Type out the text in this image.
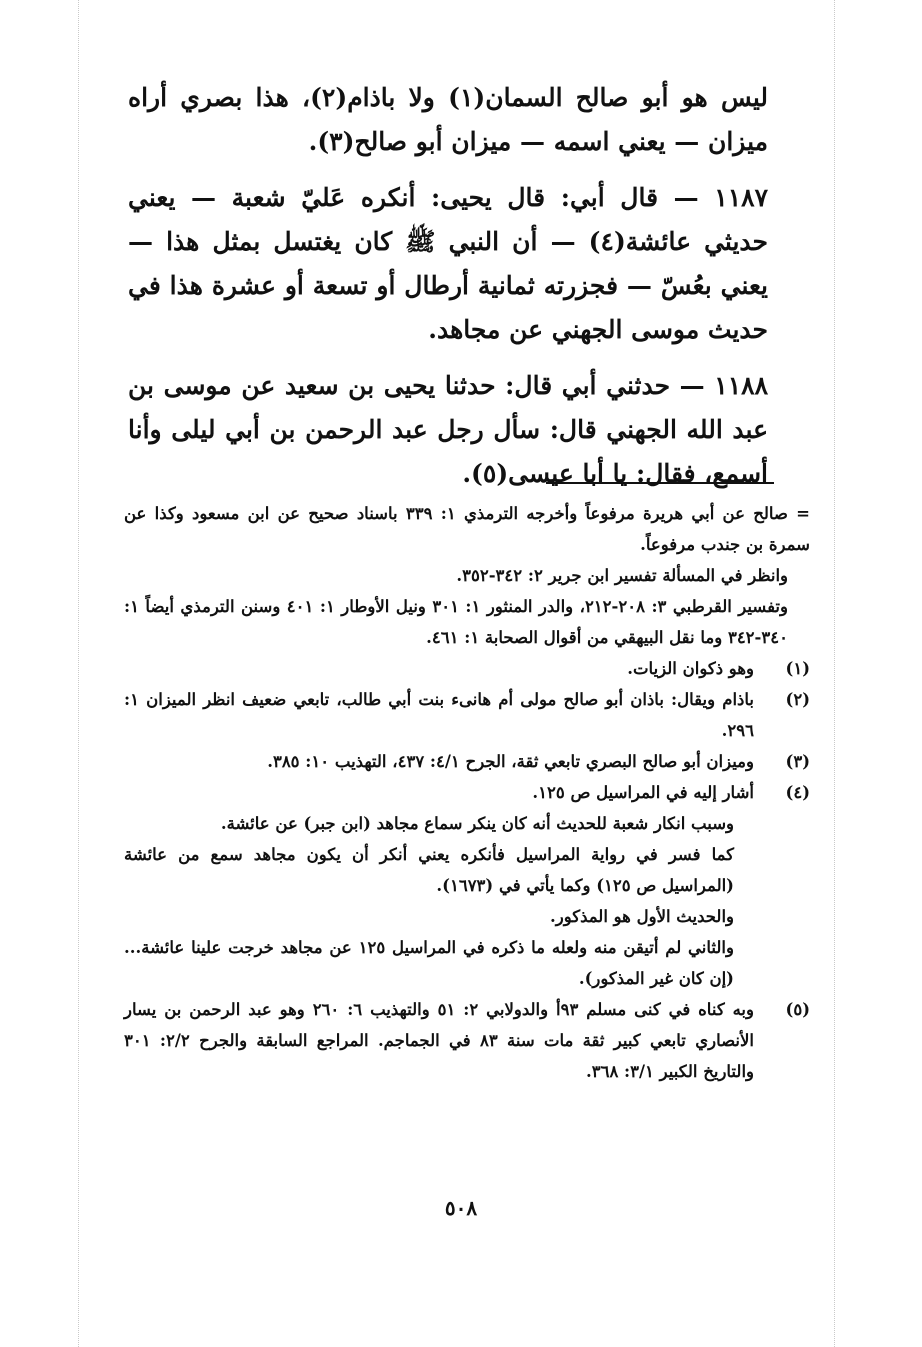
ليس هو أبو صالح السمان(١) ولا باذام(٢)، هذا بصري أراه ميزان — يعني اسمه — ميزان أبو صالح(٣).

١١٨٧ — قال أبي: قال يحيى: أنكره عَليّ شعبة — يعني حديثي عائشة(٤) — أن النبي ﷺ كان يغتسل بمثل هذا — يعني بعُسّ — فجزرته ثمانية أرطال أو تسعة أو عشرة هذا في حديث موسى الجهني عن مجاهد.

١١٨٨ — حدثني أبي قال: حدثنا يحيى بن سعيد عن موسى بن عبد الله الجهني قال: سأل رجل عبد الرحمن بن أبي ليلى وأنا أسمع، فقال: يا أبا عيسى(٥).

= صالح عن أبي هريرة مرفوعاً وأخرجه الترمذي ١: ٣٣٩ باسناد صحيح عن ابن مسعود وكذا عن سمرة بن جندب مرفوعاً.

وانظر في المسألة تفسير ابن جرير ٢: ٣٤٢-٣٥٢.

وتفسير القرطبي ٣: ٢٠٨-٢١٢، والدر المنثور ١: ٣٠١ ونيل الأوطار ١: ٤٠١ وسنن الترمذي أيضاً ١: ٣٤٠-٣٤٢ وما نقل البيهقي من أقوال الصحابة ١: ٤٦١.

(١)
وهو ذكوان الزيات.
(٢)
باذام ويقال: باذان أبو صالح مولى أم هانىء بنت أبي طالب، تابعي ضعيف انظر الميزان ١: ٢٩٦.
(٣)
وميزان أبو صالح البصري تابعي ثقة، الجرح ٤/١: ٤٣٧، التهذيب ١٠: ٣٨٥.
(٤)
أشار إليه في المراسيل ص ١٢٥.

وسبب انكار شعبة للحديث أنه كان ينكر سماع مجاهد (ابن جبر) عن عائشة.

كما فسر في رواية المراسيل فأنكره يعني أنكر أن يكون مجاهد سمع من عائشة (المراسيل ص ١٢٥) وكما يأتي في (١٦٧٣).

والحديث الأول هو المذكور.

والثاني لم أتيقن منه ولعله ما ذكره في المراسيل ١٢٥ عن مجاهد خرجت علينا عائشة... (إن كان غير المذكور).

(٥)
وبه كناه في كنى مسلم ٩٣أ والدولابي ٢: ٥١ والتهذيب ٦: ٢٦٠ وهو عبد الرحمن بن يسار الأنصاري تابعي كبير ثقة مات سنة ٨٣ في الجماجم. المراجع السابقة والجرح ٢/٢: ٣٠١ والتاريخ الكبير ٣/١: ٣٦٨.
٥٠٨
